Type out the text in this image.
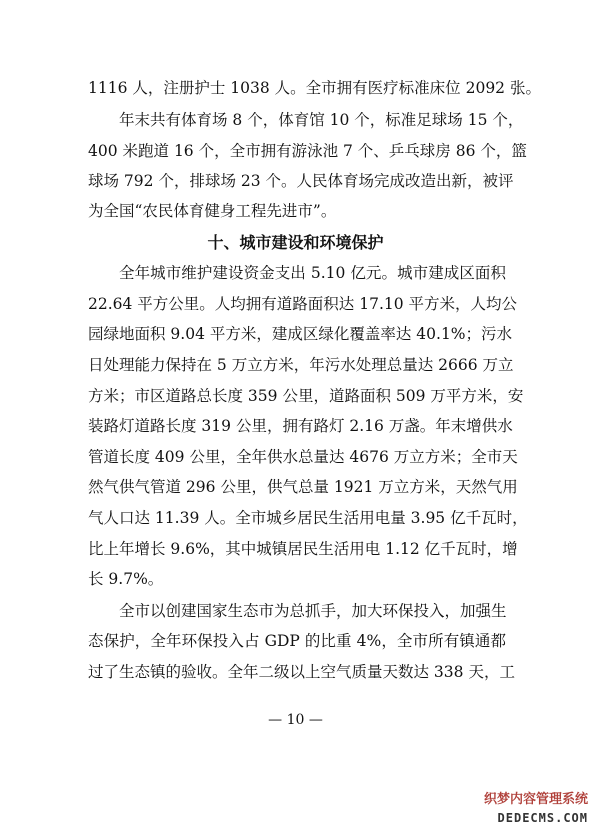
1116 人，注册护士 1038 人。全市拥有医疗标准床位 2092 张。
年末共有体育场 8 个，体育馆 10 个，标准足球场 15 个，
400 米跑道 16 个，全市拥有游泳池 7 个、乒乓球房 86 个，篮
球场 792 个，排球场 23 个。人民体育场完成改造出新，被评
为全国“农民体育健身工程先进市”。
十、城市建设和环境保护
全年城市维护建设资金支出 5.10 亿元。城市建成区面积
22.64 平方公里。人均拥有道路面积达 17.10 平方米，人均公
园绿地面积 9.04 平方米，建成区绿化覆盖率达 40.1%；污水
日处理能力保持在 5 万立方米，年污水处理总量达 2666 万立
方米；市区道路总长度 359 公里，道路面积 509 万平方米，安
装路灯道路长度 319 公里，拥有路灯 2.16 万盏。年末增供水
管道长度 409 公里，全年供水总量达 4676 万立方米；全市天
然气供气管道 296 公里，供气总量 1921 万立方米，天然气用
气人口达 11.39 人。全市城乡居民生活用电量 3.95 亿千瓦时，
比上年增长 9.6%，其中城镇居民生活用电 1.12 亿千瓦时，增
长 9.7%。
全市以创建国家生态市为总抓手，加大环保投入，加强生
态保护，全年环保投入占 GDP 的比重 4%，全市所有镇通都
过了生态镇的验收。全年二级以上空气质量天数达 338 天，工
— 10 —
织梦内容管理系统
DEDECMS.COM
